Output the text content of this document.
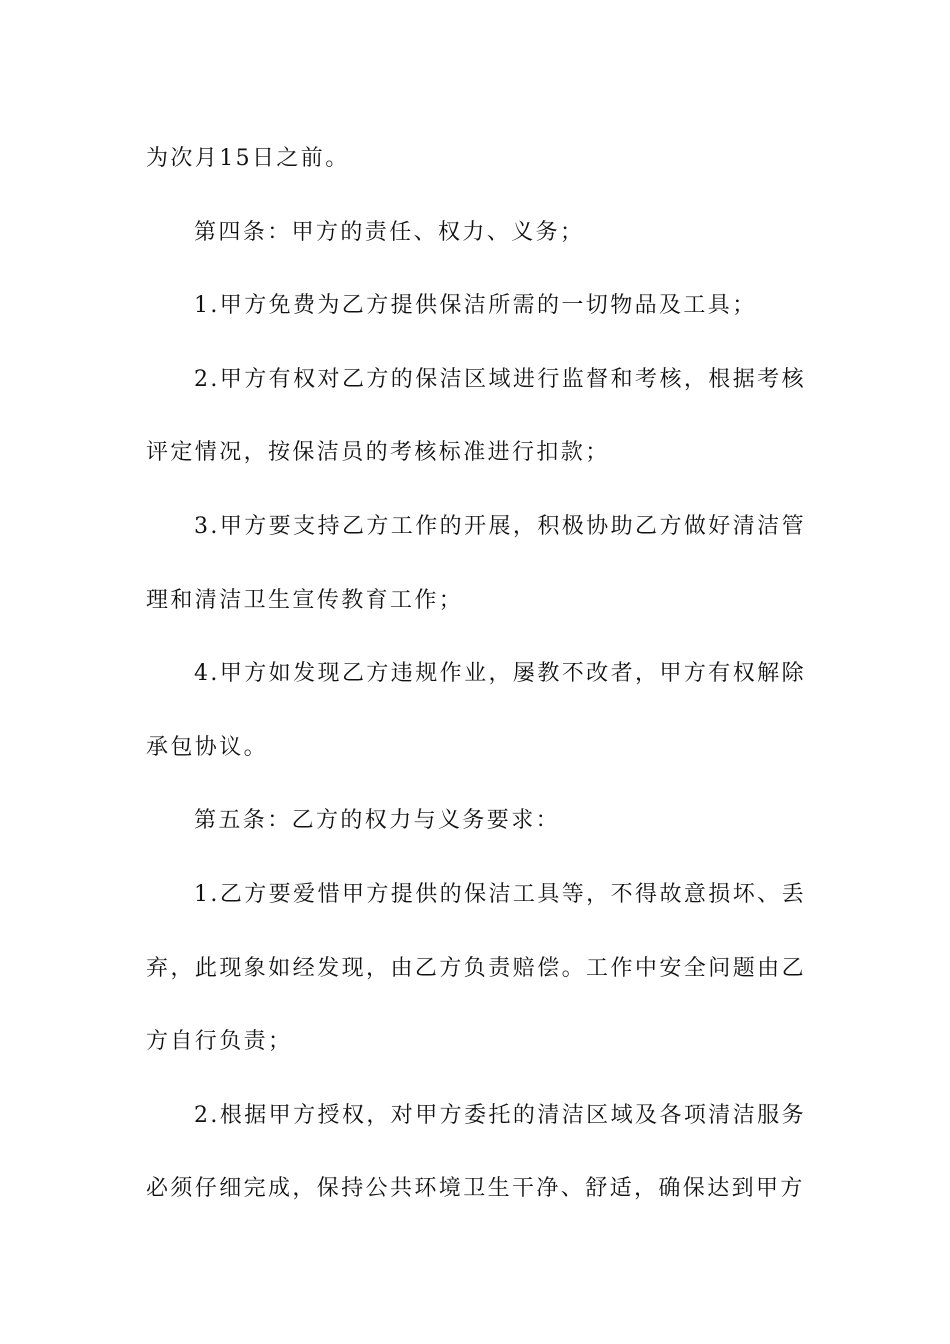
为次月15日之前。

第四条：甲方的责任、权力、义务；

1.甲方免费为乙方提供保洁所需的一切物品及工具；

2.甲方有权对乙方的保洁区域进行监督和考核，根据考核评定情况，按保洁员的考核标准进行扣款；

3.甲方要支持乙方工作的开展，积极协助乙方做好清洁管理和清洁卫生宣传教育工作；

4.甲方如发现乙方违规作业，屡教不改者，甲方有权解除承包协议。

第五条：乙方的权力与义务要求：

1.乙方要爱惜甲方提供的保洁工具等，不得故意损坏、丢弃，此现象如经发现，由乙方负责赔偿。工作中安全问题由乙方自行负责；

2.根据甲方授权，对甲方委托的清洁区域及各项清洁服务必须仔细完成，保持公共环境卫生干净、舒适，确保达到甲方
